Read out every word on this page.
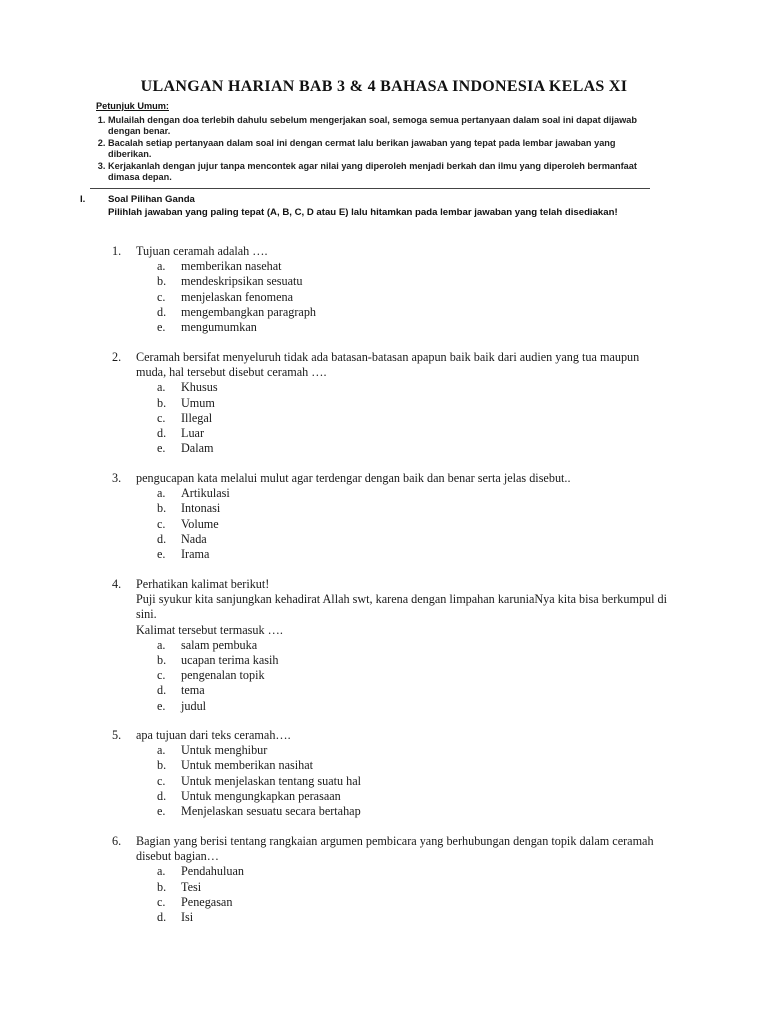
ULANGAN HARIAN BAB 3 & 4 BAHASA INDONESIA KELAS XI
Petunjuk Umum:
1. Mulailah dengan doa terlebih dahulu sebelum mengerjakan soal, semoga semua pertanyaan dalam soal ini dapat dijawab dengan benar.
2. Bacalah setiap pertanyaan dalam soal ini dengan cermat lalu berikan jawaban yang tepat pada lembar jawaban yang diberikan.
3. Kerjakanlah dengan jujur tanpa mencontek agar nilai yang diperoleh menjadi berkah dan ilmu yang diperoleh bermanfaat dimasa depan.
I. Soal Pilihan Ganda
Pilihlah jawaban yang paling tepat (A, B, C, D atau E) lalu hitamkan pada lembar jawaban yang telah disediakan!
1.	Tujuan ceramah adalah ….

a. memberikan nasehat
b. mendeskripsikan sesuatu
c. menjelaskan fenomena
d. mengembangkan paragraph
e. mengumumkan
2.	Ceramah bersifat menyeluruh tidak ada batasan-batasan apapun baik baik dari audien yang tua maupun muda, hal tersebut disebut ceramah ….

a. Khusus
b. Umum
c. Illegal
d. Luar
e. Dalam
3.	pengucapan kata melalui mulut agar terdengar dengan baik dan benar serta jelas disebut..

a. Artikulasi
b. Intonasi
c. Volume
d. Nada
e. Irama
4.	Perhatikan kalimat berikut!

Puji syukur kita sanjungkan kehadirat Allah swt, karena dengan limpahan karuniaNya kita bisa berkumpul di sini.

Kalimat tersebut termasuk ….

a. salam pembuka
b. ucapan terima kasih
c. pengenalan topik
d. tema
e. judul
5.	apa tujuan dari teks ceramah….

a. Untuk menghibur
b. Untuk memberikan nasihat
c. Untuk menjelaskan tentang suatu hal
d. Untuk mengungkapkan perasaan
e. Menjelaskan sesuatu secara bertahap
6.	Bagian yang berisi tentang rangkaian argumen pembicara yang berhubungan dengan topik dalam ceramah disebut bagian…

a. Pendahuluan
b. Tesi
c. Penegasan
d. Isi
